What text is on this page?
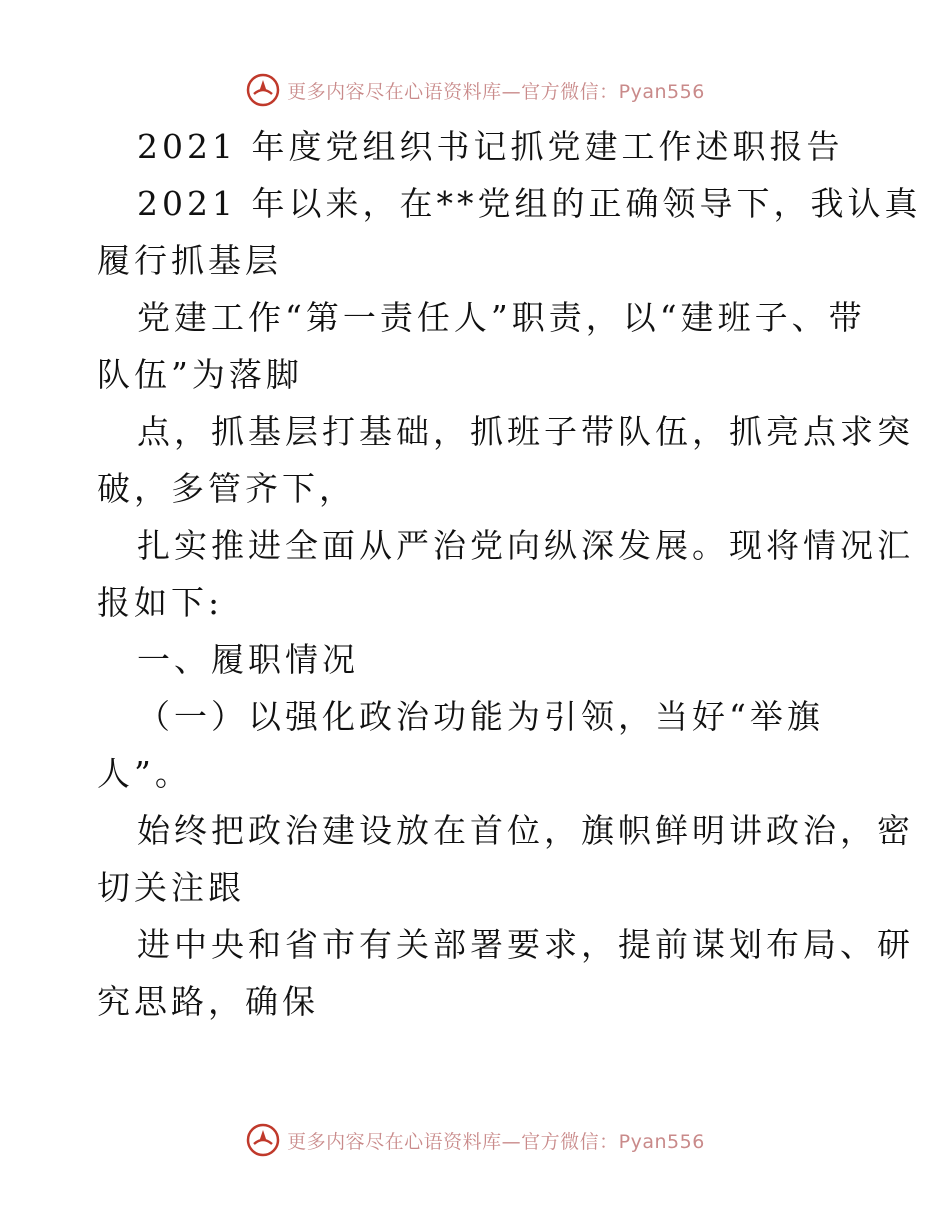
更多内容尽在心语资料库—官方微信：Pyan556
2021 年度党组织书记抓党建工作述职报告
2021 年以来，在**党组的正确领导下，我认真
履行抓基层
党建工作“第一责任人”职责，以“建班子、带
队伍”为落脚
点，抓基层打基础，抓班子带队伍，抓亮点求突
破，多管齐下，
扎实推进全面从严治党向纵深发展。现将情况汇
报如下:
一、履职情况
（一）以强化政治功能为引领，当好“举旗
人”。
始终把政治建设放在首位，旗帜鲜明讲政治，密
切关注跟
进中央和省市有关部署要求，提前谋划布局、研
究思路，确保
更多内容尽在心语资料库—官方微信：Pyan556
